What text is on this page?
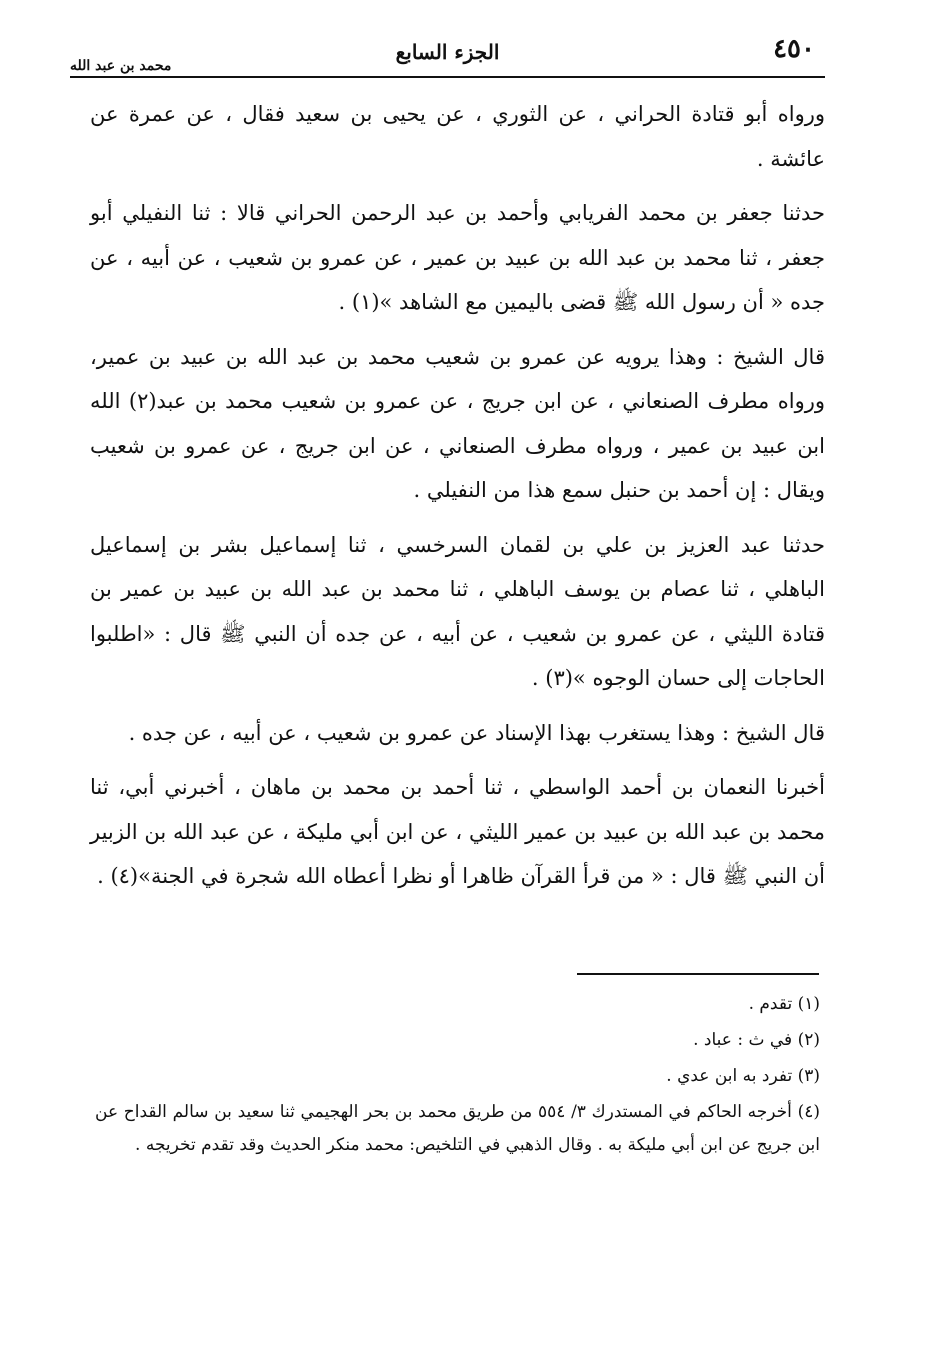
٤٥٠
الجزء السابع
محمد بن عبد الله

ورواه أبو قتادة الحراني ، عن الثوري ، عن يحيى بن سعيد فقال ، عن عمرة عن عائشة .

حدثنا جعفر بن محمد الفريابي وأحمد بن عبد الرحمن الحراني قالا : ثنا النفيلي أبو جعفر ، ثنا محمد بن عبد الله بن عبيد بن عمير ، عن عمرو بن شعيب ، عن أبيه ، عن جده « أن رسول الله ﷺ قضى باليمين مع الشاهد »(١) .

قال الشيخ : وهذا يرويه عن عمرو بن شعيب محمد بن عبد الله بن عبيد بن عمير، ورواه مطرف الصنعاني ، عن ابن جريج ، عن عمرو بن شعيب محمد بن عبد(٢) الله ابن عبيد بن عمير ، ورواه مطرف الصنعاني ، عن ابن جريج ، عن عمرو بن شعيب ويقال : إن أحمد بن حنبل سمع هذا من النفيلي .

حدثنا عبد العزيز بن علي بن لقمان السرخسي ، ثنا إسماعيل بشر بن إسماعيل الباهلي ، ثنا عصام بن يوسف الباهلي ، ثنا محمد بن عبد الله بن عبيد بن عمير بن قتادة الليثي ، عن عمرو بن شعيب ، عن أبيه ، عن جده أن النبي ﷺ قال : «اطلبوا الحاجات إلى حسان الوجوه »(٣) .

قال الشيخ : وهذا يستغرب بهذا الإسناد عن عمرو بن شعيب ، عن أبيه ، عن جده .

أخبرنا النعمان بن أحمد الواسطي ، ثنا أحمد بن محمد بن ماهان ، أخبرني أبي، ثنا محمد بن عبد الله بن عبيد بن عمير الليثي ، عن ابن أبي مليكة ، عن عبد الله بن الزبير أن النبي ﷺ قال : « من قرأ القرآن ظاهرا أو نظرا أعطاه الله شجرة في الجنة»(٤) .

(١) تقدم .

(٢) في ث : عباد .

(٣) تفرد به ابن عدي .

(٤) أخرجه الحاكم في المستدرك ٣/ ٥٥٤ من طريق محمد بن بحر الهجيمي ثنا سعيد بن سالم القداح عن ابن جريج عن ابن أبي مليكة به . وقال الذهبي في التلخيص: محمد منكر الحديث وقد تقدم تخريجه .
